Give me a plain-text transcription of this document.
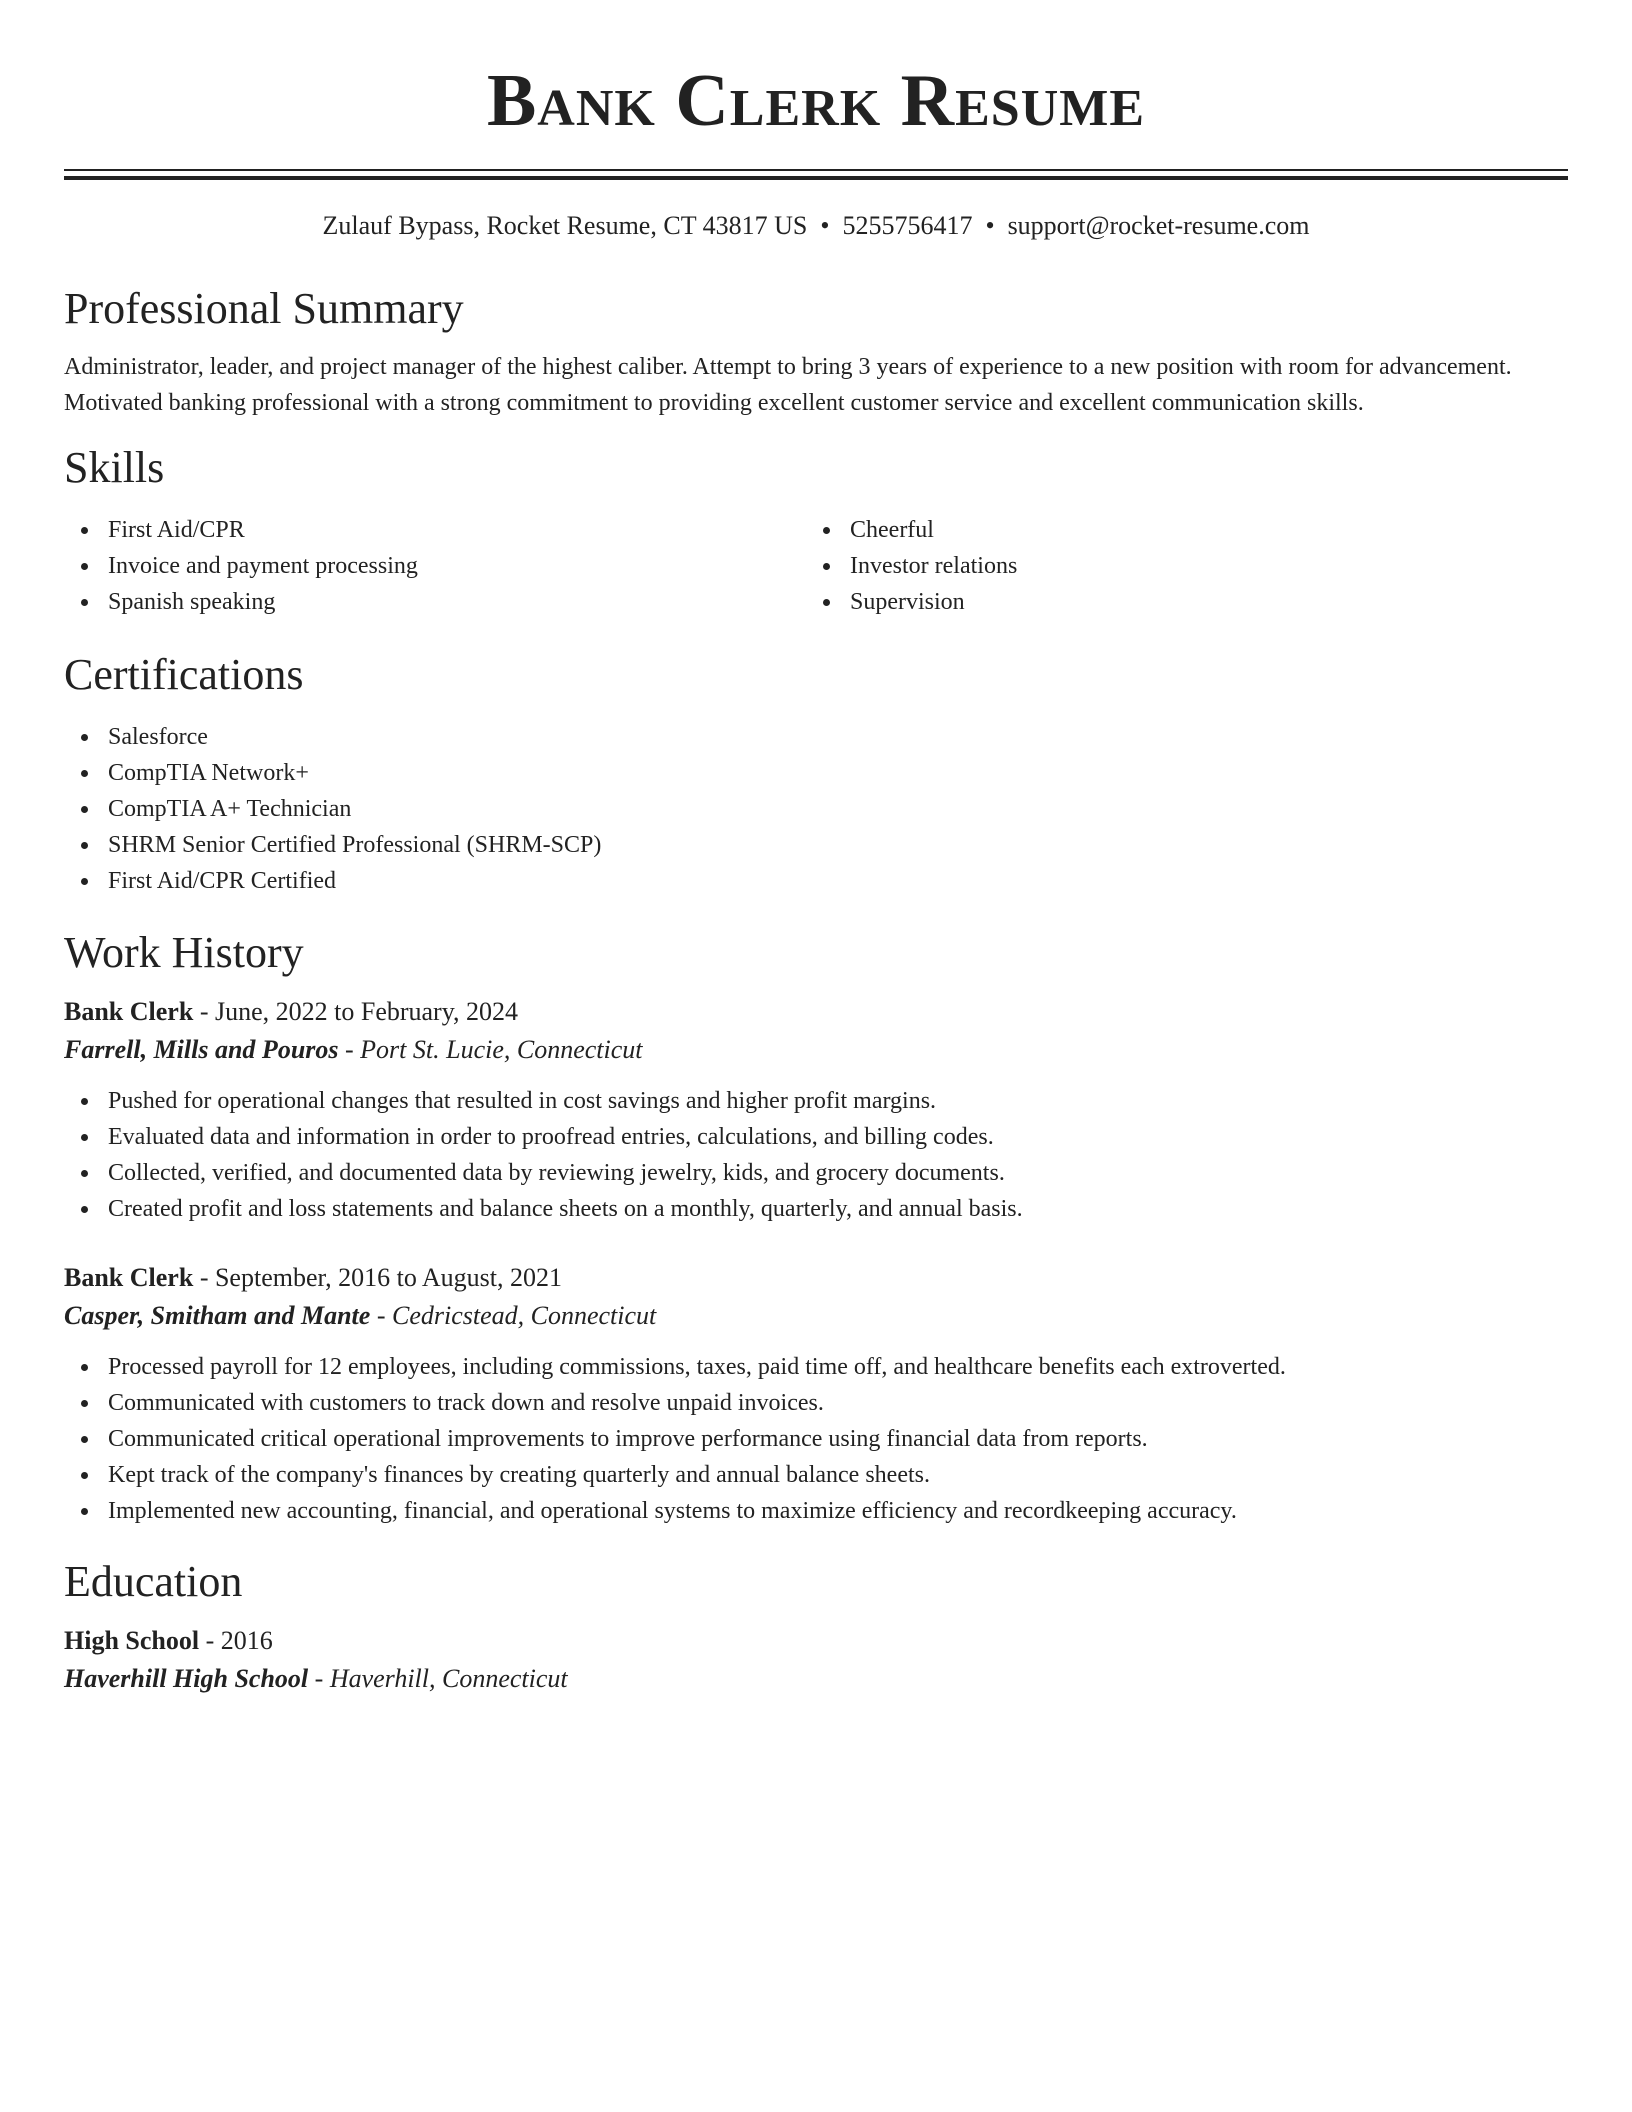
Bank Clerk Resume
Zulauf Bypass, Rocket Resume, CT 43817 US • 5255756417 • support@rocket-resume.com
Professional Summary

Administrator, leader, and project manager of the highest caliber. Attempt to bring 3 years of experience to a new position with room for advancement. Motivated banking professional with a strong commitment to providing excellent customer service and excellent communication skills.

Skills
First Aid/CPR
Invoice and payment processing
Spanish speaking
Cheerful
Investor relations
Supervision
Certifications
Salesforce
CompTIA Network+
CompTIA A+ Technician
SHRM Senior Certified Professional (SHRM-SCP)
First Aid/CPR Certified
Work History
Bank Clerk - June, 2022 to February, 2024
Farrell, Mills and Pouros - Port St. Lucie, Connecticut
Pushed for operational changes that resulted in cost savings and higher profit margins.
Evaluated data and information in order to proofread entries, calculations, and billing codes.
Collected, verified, and documented data by reviewing jewelry, kids, and grocery documents.
Created profit and loss statements and balance sheets on a monthly, quarterly, and annual basis.
Bank Clerk - September, 2016 to August, 2021
Casper, Smitham and Mante - Cedricstead, Connecticut
Processed payroll for 12 employees, including commissions, taxes, paid time off, and healthcare benefits each extroverted.
Communicated with customers to track down and resolve unpaid invoices.
Communicated critical operational improvements to improve performance using financial data from reports.
Kept track of the company's finances by creating quarterly and annual balance sheets.
Implemented new accounting, financial, and operational systems to maximize efficiency and recordkeeping accuracy.
Education
High School - 2016
Haverhill High School - Haverhill, Connecticut
